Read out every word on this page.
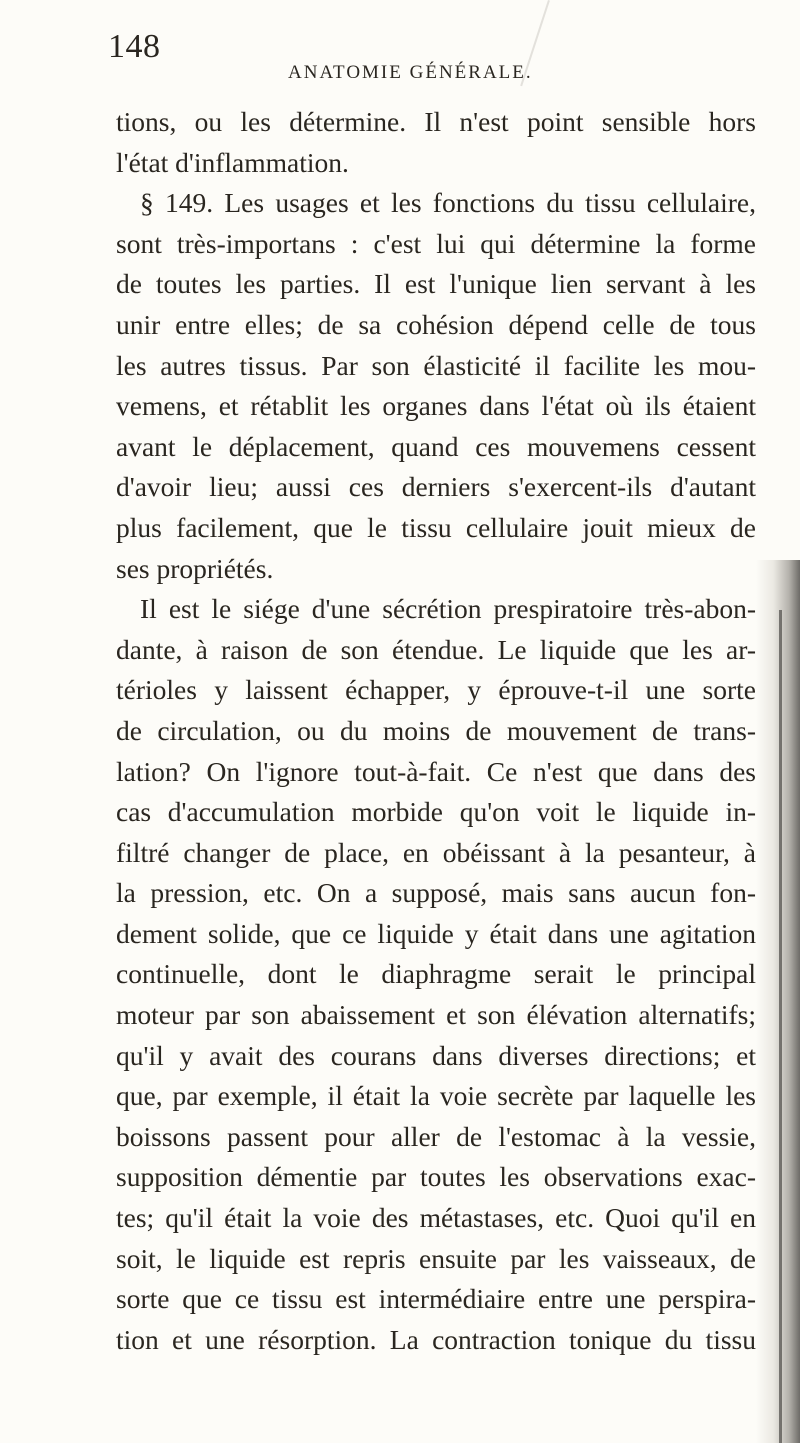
148
ANATOMIE GÉNÉRALE.
tions, ou les détermine. Il n'est point sensible hors
l'état d'inflammation.
§ 149. Les usages et les fonctions du tissu cellulaire,
sont très-importans : c'est lui qui détermine la forme
de toutes les parties. Il est l'unique lien servant à les
unir entre elles; de sa cohésion dépend celle de tous
les autres tissus. Par son élasticité il facilite les mou-
vemens, et rétablit les organes dans l'état où ils étaient
avant le déplacement, quand ces mouvemens cessent
d'avoir lieu; aussi ces derniers s'exercent-ils d'autant
plus facilement, que le tissu cellulaire jouit mieux de
ses propriétés.
Il est le siége d'une sécrétion prespiratoire très-abon-
dante, à raison de son étendue. Le liquide que les ar-
térioles y laissent échapper, y éprouve-t-il une sorte
de circulation, ou du moins de mouvement de trans-
lation? On l'ignore tout-à-fait. Ce n'est que dans des
cas d'accumulation morbide qu'on voit le liquide in-
filtré changer de place, en obéissant à la pesanteur, à
la pression, etc. On a supposé, mais sans aucun fon-
dement solide, que ce liquide y était dans une agitation
continuelle, dont le diaphragme serait le principal
moteur par son abaissement et son élévation alternatifs;
qu'il y avait des courans dans diverses directions; et
que, par exemple, il était la voie secrète par laquelle les
boissons passent pour aller de l'estomac à la vessie,
supposition démentie par toutes les observations exac-
tes; qu'il était la voie des métastases, etc. Quoi qu'il en
soit, le liquide est repris ensuite par les vaisseaux, de
sorte que ce tissu est intermédiaire entre une perspira-
tion et une résorption. La contraction tonique du tissu
